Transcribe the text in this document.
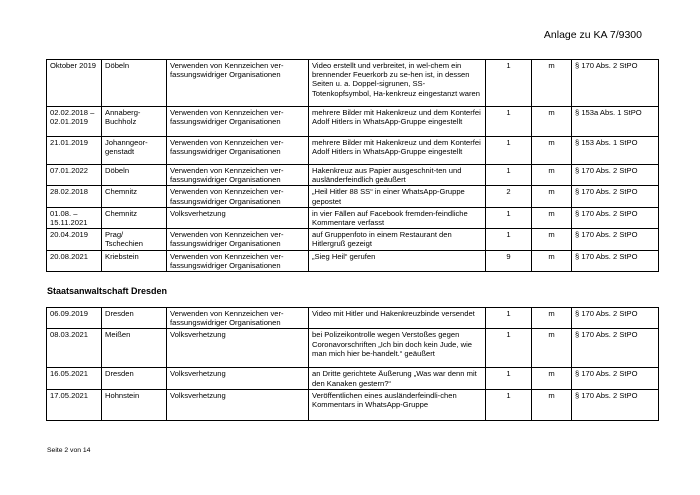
Anlage zu KA 7/9300
Oktober 2019	Döbeln	Verwenden von Kennzeichen ver-fassungswidriger Organisationen	Video erstellt und verbreitet, in wel-chem ein brennender Feuerkorb zu se-hen ist, in dessen Seiten u. a. Doppel-sigrunen, SS-Totenkopfsymbol, Ha-kenkreuz eingestanzt waren	1	m	§ 170 Abs. 2 StPO
02.02.2018 – 02.01.2019	Annaberg-Buchholz	Verwenden von Kennzeichen ver-fassungswidriger Organisationen	mehrere Bilder mit Hakenkreuz und dem Konterfei Adolf Hitlers in WhatsApp-Gruppe eingestellt	1	m	§ 153a Abs. 1 StPO
21.01.2019	Johanngeor-genstadt	Verwenden von Kennzeichen ver-fassungswidriger Organisationen	mehrere Bilder mit Hakenkreuz und dem Konterfei Adolf Hitlers in WhatsApp-Gruppe eingestellt	1	m	§ 153 Abs. 1 StPO
07.01.2022	Döbeln	Verwenden von Kennzeichen ver-fassungswidriger Organisationen	Hakenkreuz aus Papier ausgeschnit-ten und ausländerfeindlich geäußert	1	m	§ 170 Abs. 2 StPO
28.02.2018	Chemnitz	Verwenden von Kennzeichen ver-fassungswidriger Organisationen	„Heil Hitler 88 SS“ in einer WhatsApp-Gruppe gepostet	2	m	§ 170 Abs. 2 StPO
01.08. – 15.11.2021	Chemnitz	Volksverhetzung	in vier Fällen auf Facebook fremden-feindliche Kommentare verfasst	1	m	§ 170 Abs. 2 StPO
20.04.2019	Prag/ Tschechien	Verwenden von Kennzeichen ver-fassungswidriger Organisationen	auf Gruppenfoto in einem Restaurant den Hitlergruß gezeigt	1	m	§ 170 Abs. 2 StPO
20.08.2021	Kriebstein	Verwenden von Kennzeichen ver-fassungswidriger Organisationen	„Sieg Heil“ gerufen	9	m	§ 170 Abs. 2 StPO
Staatsanwaltschaft Dresden
06.09.2019	Dresden	Verwenden von Kennzeichen ver-fassungswidriger Organisationen	Video mit Hitler und Hakenkreuzbinde versendet	1	m	§ 170 Abs. 2 StPO
08.03.2021	Meißen	Volksverhetzung	bei Polizeikontrolle wegen Verstoßes gegen Coronavorschriften „Ich bin doch kein Jude, wie man mich hier be-handelt.“ geäußert	1	m	§ 170 Abs. 2 StPO
16.05.2021	Dresden	Volksverhetzung	an Dritte gerichtete Äußerung „Was war denn mit den Kanaken gestern?“	1	m	§ 170 Abs. 2 StPO
17.05.2021	Hohnstein	Volksverhetzung	Veröffentlichen eines ausländerfeindli-chen Kommentars in WhatsApp-Gruppe	1	m	§ 170 Abs. 2 StPO
Seite 2 von 14
